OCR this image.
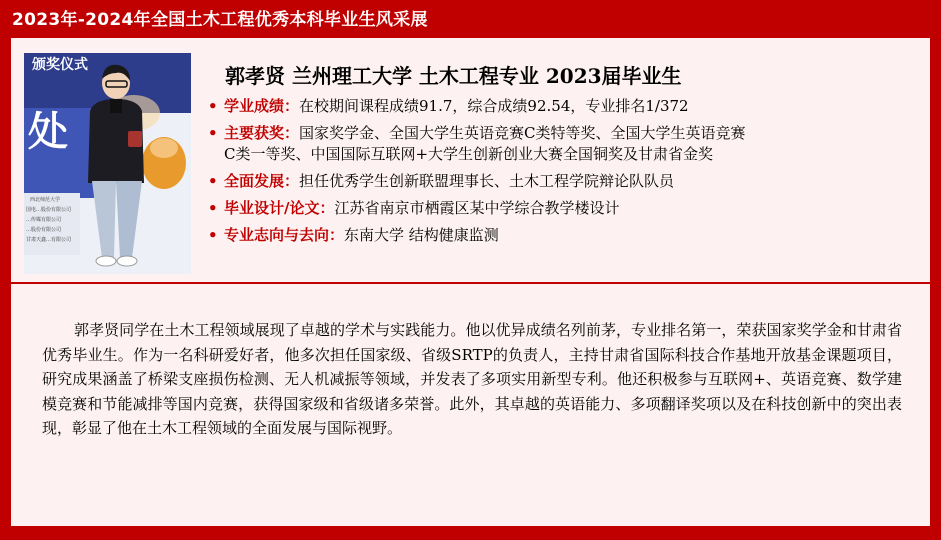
2023年-2024年全国土木工程优秀本科毕业生风采展
颁奖仪式
处
西北师范大学
国电…股份有限公司
…传媒有限公司
…股份有限公司
甘肃天鑫…有限公司
郭孝贤 兰州理工大学 土木工程专业 2023届毕业生
• 学业成绩：在校期间课程成绩91.7，综合成绩92.54，专业排名1/372
• 主要获奖：国家奖学金、全国大学生英语竞赛C类特等奖、全国大学生英语竞赛
C类一等奖、中国国际互联网+大学生创新创业大赛全国铜奖及甘肃省金奖
• 全面发展：担任优秀学生创新联盟理事长、土木工程学院辩论队队员
• 毕业设计/论文：江苏省南京市栖霞区某中学综合教学楼设计
• 专业志向与去向：东南大学 结构健康监测
郭孝贤同学在土木工程领域展现了卓越的学术与实践能力。他以优异成绩名列前茅，专业排名第一，荣获国家奖学金和甘肃省优秀毕业生。作为一名科研爱好者，他多次担任国家级、省级SRTP的负责人，主持甘肃省国际科技合作基地开放基金课题项目，研究成果涵盖了桥梁支座损伤检测、无人机减振等领域，并发表了多项实用新型专利。他还积极参与互联网+、英语竞赛、数学建模竞赛和节能减排等国内竞赛，获得国家级和省级诸多荣誉。此外，其卓越的英语能力、多项翻译奖项以及在科技创新中的突出表现，彰显了他在土木工程领域的全面发展与国际视野。
